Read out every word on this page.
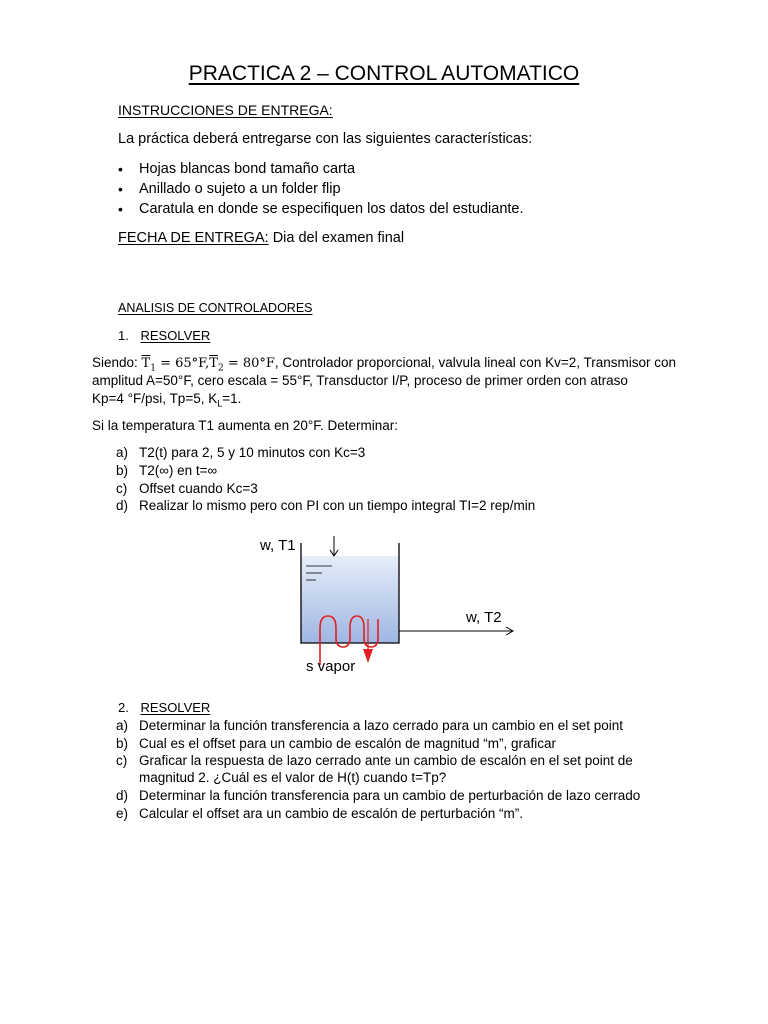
PRACTICA 2 – CONTROL AUTOMATICO
INSTRUCCIONES DE ENTREGA:
La práctica deberá entregarse con las siguientes características:
• Hojas blancas bond tamaño carta
• Anillado o sujeto a un folder flip
• Caratula en donde se especifiquen los datos del estudiante.
FECHA DE ENTREGA: Dia del examen final
ANALISIS DE CONTROLADORES
1. RESOLVER
Siendo: $\overline{T}_1 = 65^\circ F,\overline{T}_2 = 80^\circ F$, Controlador proporcional, valvula lineal con Kv=2, Transmisor con
amplitud A=50°F, cero escala = 55°F, Transductor I/P, proceso de primer orden con atraso
Kp=4 °F/psi, Tp=5, $K_L=1$.
Si la temperatura T1 aumenta en 20°F. Determinar:
a) T2(t) para 2, 5 y 10 minutos con Kc=3
b) T2(∞) en t=∞
c) Offset cuando Kc=3
d) Realizar lo mismo pero con PI con un tiempo integral TI=2 rep/min
w, T1
w, T2
s vapor
2. RESOLVER
a) Determinar la función transferencia a lazo cerrado para un cambio en el set point
b) Cual es el offset para un cambio de escalón de magnitud “m”, graficar
c) Graficar la respuesta de lazo cerrado ante un cambio de escalón en el set point de
magnitud 2. ¿Cuál es el valor de H(t) cuando t=Tp?
d) Determinar la función transferencia para un cambio de perturbación de lazo cerrado
e) Calcular el offset ara un cambio de escalón de perturbación “m”.
